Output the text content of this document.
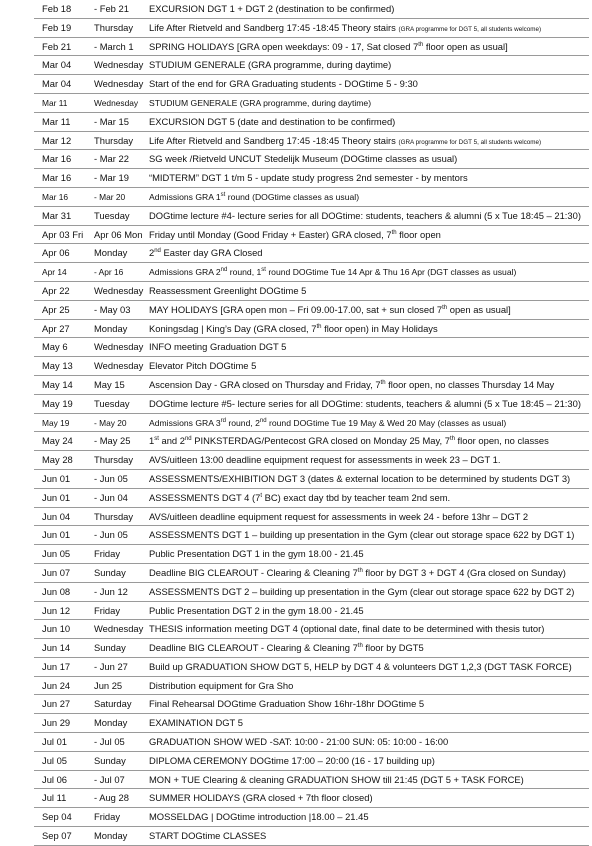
Feb 18 - Feb 21 EXCURSION DGT 1 + DGT 2 (destination to be confirmed)
Feb 19 Thursday Life After Rietveld and Sandberg 17:45 -18:45 Theory stairs (GRA programme for DGT 5, all students welcome)
Feb 21 - March 1 SPRING HOLIDAYS [GRA open weekdays: 09 - 17, Sat closed 7th floor open as usual]
Mar 04 Wednesday STUDIUM GENERALE (GRA programme, during daytime)
Mar 04 Wednesday Start of the end for GRA Graduating students - DOGtime 5 - 9:30
Mar 11	Wednesday STUDIUM GENERALE (GRA programme, during daytime)
Mar 11	- Mar 15 EXCURSION DGT 5 (date and destination to be confirmed)
Mar 12 Thursday Life After Rietveld and Sandberg 17:45 -18:45 Theory stairs (GRA programme for DGT 5, all students welcome)
Mar 16 - Mar 22 SG week /Rietveld UNCUT Stedelijk Museum (DOGtime classes as usual)
Mar 16 - Mar 19 “MIDTERM” DGT 1 t/m 5 - update study progress 2nd semester - by mentors
Mar 16	- Mar 20	Admissions GRA 1st round (DOGtime classes as usual)
Mar 31 Tuesday DOGtime lecture #4- lecture series for all DOGtime: students, teachers & alumni (5 x Tue 18:45 – 21:30)
Apr 03 Fri Apr 06 Mon Friday until Monday (Good Friday + Easter) GRA closed, 7th floor open
Apr 06	Monday 2nd Easter day GRA Closed
Apr 14	- Apr 16	Admissions GRA 2nd round, 1st round DOGtime Tue 14 Apr & Thu 16 Apr (DGT classes as usual)
Apr 22	Wednesday Reassessment Greenlight DOGtime 5
Apr 25	- May 03 MAY HOLIDAYS [GRA open mon – Fri 09.00-17.00, sat + sun closed 7th open as usual]
Apr 27	Monday Koningsdag | King’s Day (GRA closed, 7th floor open) in May Holidays
May 6	Wednesday INFO meeting Graduation DGT 5
May 13 Wednesday Elevator Pitch DOGtime 5
May 14 May 15	Ascension Day - GRA closed on Thursday and Friday, 7th floor open, no classes Thursday 14 May
May 19 Tuesday DOGtime lecture #5- lecture series for all DOGtime: students, teachers & alumni (5 x Tue 18:45 – 21:30)
May 19	- May 20	Admissions GRA 3rd round, 2nd round DOGtime Tue 19 May & Wed 20 May (classes as usual)
May 24 - May 25 1st and 2nd PINKSTERDAG/Pentecost GRA closed on Monday 25 May, 7th floor open, no classes
May 28 Thursday AVS/uitleen 13:00 deadline equipment request for assessments in week 23 – DGT 1.
Jun 01	- Jun 05 ASSESSMENTS/EXHIBITION DGT 3 (dates & external location to be determined by students DGT 3)
Jun 01	- Jun 04 ASSESSMENTS DGT 4 (7$^t$ BC) exact day tbd by teacher team 2nd sem.
Jun 04	Thursday AVS/uitleen deadline equipment request for assessments in week 24 - before 13hr – DGT 2
Jun 01	- Jun 05 ASSESSMENTS DGT 1 – building up presentation in the Gym (clear out storage space 622 by DGT 1)
Jun 05	Friday	Public Presentation DGT 1 in the gym 18.00 - 21.45
Jun 07	Sunday Deadline BIG CLEAROUT - Clearing & Cleaning 7th floor by DGT 3 + DGT 4 (Gra closed on Sunday)
Jun 08	- Jun 12 ASSESSMENTS DGT 2 – building up presentation in the Gym (clear out storage space 622 by DGT 2)
Jun 12	Friday	Public Presentation DGT 2 in the gym 18.00 - 21.45
Jun 10	Wednesday THESIS information meeting DGT 4 (optional date, final date to be determined with thesis tutor)
Jun 14	Sunday Deadline BIG CLEAROUT - Clearing & Cleaning 7th floor by DGT5
Jun 17	- Jun 27 Build up GRADUATION SHOW DGT 5, HELP by DGT 4 & volunteers DGT 1,2,3 (DGT TASK FORCE)
Jun 24	Jun 25	Distribution equipment for Gra Sho
Jun 27	Saturday Final Rehearsal DOGtime Graduation Show 16hr-18hr DOGtime 5
Jun 29	Monday EXAMINATION DGT 5
Jul 01	- Jul 05	GRADUATION SHOW WED -SAT: 10:00 - 21:00 SUN: 05: 10:00 - 16:00
Jul 05	Sunday DIPLOMA CEREMONY DOGtime 17:00 – 20:00 (16 - 17 building up)
Jul 06	- Jul 07	MON + TUE Clearing & cleaning GRADUATION SHOW till 21:45 (DGT 5 + TASK FORCE)
Jul 11	- Aug 28 SUMMER HOLIDAYS (GRA closed + 7th floor closed)
Sep 04 Friday	MOSSELDAG | DOGtime introduction |18.00 – 21.45
Sep 07 Monday START DOGtime CLASSES
